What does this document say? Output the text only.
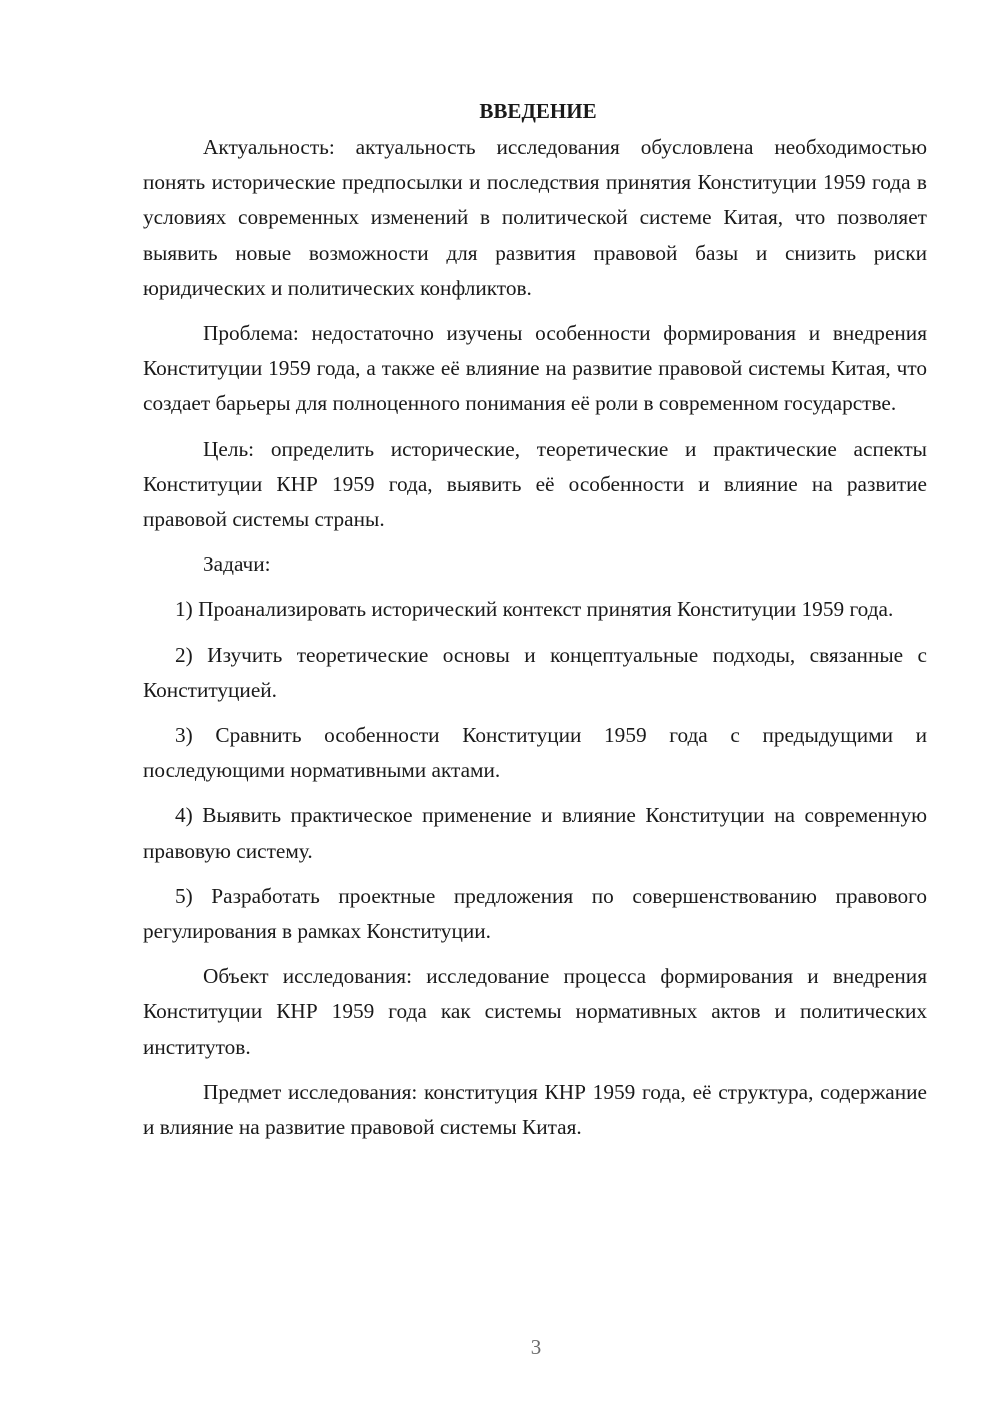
ВВЕДЕНИЕ

Актуальность: актуальность исследования обусловлена необходимостью понять исторические предпосылки и последствия принятия Конституции 1959 года в условиях современных изменений в политической системе Китая, что позволяет выявить новые возможности для развития правовой базы и снизить риски юридических и политических конфликтов.

Проблема: недостаточно изучены особенности формирования и внедрения Конституции 1959 года, а также её влияние на развитие правовой системы Китая, что создает барьеры для полноценного понимания её роли в современном государстве.

Цель: определить исторические, теоретические и практические аспекты Конституции КНР 1959 года, выявить её особенности и влияние на развитие правовой системы страны.

Задачи:

1) Проанализировать исторический контекст принятия Конституции 1959 года.

2) Изучить теоретические основы и концептуальные подходы, связанные с Конституцией.

3) Сравнить особенности Конституции 1959 года с предыдущими и последующими нормативными актами.

4) Выявить практическое применение и влияние Конституции на современную правовую систему.

5) Разработать проектные предложения по совершенствованию правового регулирования в рамках Конституции.

Объект исследования: исследование процесса формирования и внедрения Конституции КНР 1959 года как системы нормативных актов и политических институтов.

Предмет исследования: конституция КНР 1959 года, её структура, содержание и влияние на развитие правовой системы Китая.

3
